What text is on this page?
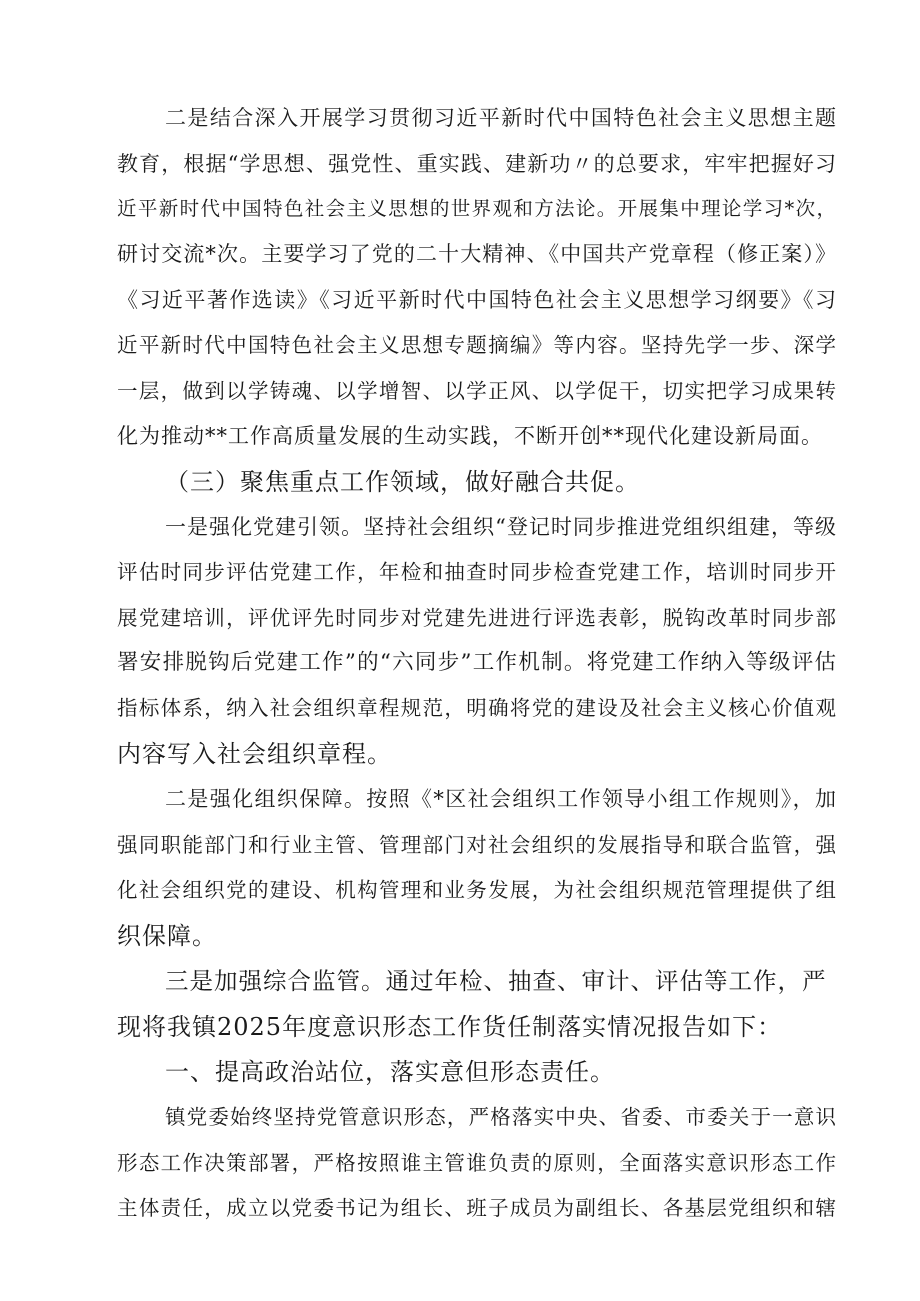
二是结合深入开展学习贯彻习近平新时代中国特色社会主义思想主题
教育，根据“学思想、强党性、重实践、建新功〃的总要求，牢牢把握好习
近平新时代中国特色社会主义思想的世界观和方法论。开展集中理论学习*次，
研讨交流*次。主要学习了党的二十大精神、《中国共产党章程（修正案）》
《习近平著作选读》《习近平新时代中国特色社会主义思想学习纲要》《习
近平新时代中国特色社会主义思想专题摘编》等内容。坚持先学一步、深学
一层，做到以学铸魂、以学增智、以学正风、以学促干，切实把学习成果转
化为推动**工作高质量发展的生动实践，不断开创**现代化建设新局面。
（三）聚焦重点工作领域，做好融合共促。
一是强化党建引领。坚持社会组织“登记时同步推进党组织组建，等级
评估时同步评估党建工作，年检和抽查时同步检查党建工作，培训时同步开
展党建培训，评优评先时同步对党建先进进行评选表彰，脱钩改革时同步部
署安排脱钩后党建工作”的“六同步”工作机制。将党建工作纳入等级评估
指标体系，纳入社会组织章程规范，明确将党的建设及社会主义核心价值观
内容写入社会组织章程。
二是强化组织保障。按照《*区社会组织工作领导小组工作规则》，加
强同职能部门和行业主管、管理部门对社会组织的发展指导和联合监管，强
化社会组织党的建设、机构管理和业务发展，为社会组织规范管理提供了组
织保障。
三是加强综合监管。通过年检、抽查、审计、评估等工作，严
现将我镇2025年度意识形态工作货任制落实情况报告如下：
一、提高政治站位，落实意但形态责任。
镇党委始终坚持党管意识形态，严格落实中央、省委、市委关于一意识
形态工作决策部署，严格按照谁主管谁负责的原则，全面落实意识形态工作
主体责任，成立以党委书记为组长、班子成员为副组长、各基层党组织和辖
